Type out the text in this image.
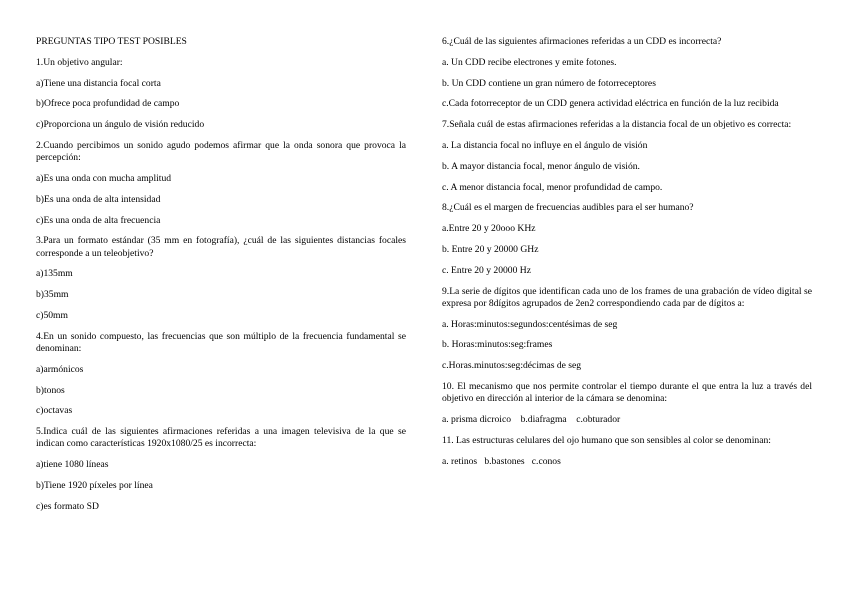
PREGUNTAS TIPO TEST POSIBLES
1.Un objetivo angular:
a)Tiene una distancia focal corta
b)Ofrece poca profundidad de campo
c)Proporciona un ángulo de visión reducido
2.Cuando percibimos un sonido agudo podemos afirmar que la onda sonora que provoca la percepción:
a)Es una onda con mucha amplitud
b)Es una onda de alta intensidad
c)Es una onda de alta frecuencia
3.Para un formato estándar (35 mm en fotografía), ¿cuál de las siguientes distancias focales corresponde a un teleobjetivo?
a)135mm
b)35mm
c)50mm
4.En un sonido compuesto, las frecuencias que son múltiplo de la frecuencia fundamental se denominan:
a)armónicos
b)tonos
c)octavas
5.Indica cuál de las siguientes afirmaciones referidas a una imagen televisiva de la que se indican como características 1920x1080/25 es incorrecta:
a)tiene 1080 líneas
b)Tiene 1920 píxeles por línea
c)es formato SD
6.¿Cuál de las siguientes afirmaciones referidas a un CDD es incorrecta?
a. Un CDD recibe electrones y emite fotones.
b. Un CDD contiene un gran número de fotorreceptores
c.Cada fotorreceptor de un CDD genera actividad eléctrica en función de la luz recibida
7.Señala cuál de estas afirmaciones referidas a la distancia focal de un objetivo es correcta:
a. La distancia focal no influye en el ángulo de visión
b. A mayor distancia focal, menor ángulo de visión.
c. A menor distancia focal, menor profundidad de campo.
8.¿Cuál es el margen de frecuencias audibles para el ser humano?
a.Entre 20 y 20ooo KHz
b. Entre 20 y 20000 GHz
c. Entre 20 y 20000 Hz
9.La serie de dígitos que identifican cada uno de los frames de una grabación de vídeo digital se expresa por 8dígitos agrupados de 2en2 correspondiendo cada par de dígitos a:
a. Horas:minutos:segundos:centésimas de seg
b. Horas:minutos:seg:frames
c.Horas.minutos:seg:décimas de seg
10. El mecanismo que nos permite controlar el tiempo durante el que entra la luz a través del objetivo en dirección al interior de la cámara se denomina:
a. prisma dicroico    b.diafragma    c.obturador
11. Las estructuras celulares del ojo humano que son sensibles al color se denominan:
a. retinos   b.bastones   c.conos
